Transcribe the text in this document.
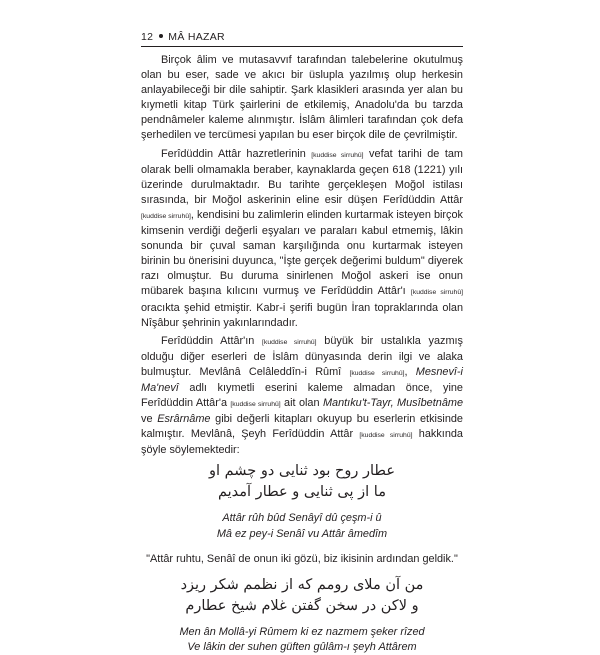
12 MÂ HAZAR

Birçok âlim ve mutasavvıf tarafından talebelerine okutulmuş olan bu eser, sade ve akıcı bir üslupla yazılmış olup herkesin anlayabileceği bir dile sahiptir. Şark klasikleri arasında yer alan bu kıymetli kitap Türk şairlerini de etkilemiş, Anadolu'da bu tarzda pendnâmeler kaleme alınmıştır. İslâm âlimleri tarafından çok defa şerhedilen ve tercümesi yapılan bu eser birçok dile de çevrilmiştir.

Ferîdüddin Attâr hazretlerinin [kuddise sirruhû] vefat tarihi de tam olarak belli olmamakla beraber, kaynaklarda geçen 618 (1221) yılı üzerinde durulmaktadır. Bu tarihte gerçekleşen Moğol istilası sırasında, bir Moğol askerinin eline esir düşen Ferîdüddin Attâr [kuddise sirruhû], kendisini bu zalimlerin elinden kurtarmak isteyen birçok kimsenin verdiği değerli eşyaları ve paraları kabul etmemiş, lâkin sonunda bir çuval saman karşılığında onu kurtarmak isteyen birinin bu önerisini duyunca, "İşte gerçek değerimi buldum" diyerek razı olmuştur. Bu duruma sinirlenen Moğol askeri ise onun mübarek başına kılıcını vurmuş ve Ferîdüddin Attâr'ı [kuddise sirruhû] oracıkta şehid etmiştir. Kabr-i şerifi bugün İran topraklarında olan Nîşâbur şehrinin yakınlarındadır.

Ferîdüddin Attâr'ın [kuddise sirruhû] büyük bir ustalıkla yazmış olduğu diğer eserleri de İslâm dünyasında derin ilgi ve alaka bulmuştur. Mevlânâ Celâleddîn-i Rûmî [kuddise sirruhû], Mesnevî-i Ma'nevî adlı kıymetli eserini kaleme almadan önce, yine Ferîdüddin Attâr'a [kuddise sirruhû] ait olan Mantıku't-Tayr, Musîbetnâme ve Esrârnâme gibi değerli kitapları okuyup bu eserlerin etkisinde kalmıştır. Mevlânâ, Şeyh Ferîdüddin Attâr [kuddise sirruhû] hakkında şöyle söylemektedir:

عطار روح بود ثنايى دو چشم او

ما از پى ثنايى و عطار آمديم

Attâr rûh bûd Senâyî dû çeşm-i û

Mâ ez pey-i Senâî vu Attâr âmedîm

"Attâr ruhtu, Senâî de onun iki gözü, biz ikisinin ardından geldik."

من آن ملاى رومم كه از نظمم شكر ريزد

و لاكن در سخن گفتن غلام شيخ عطارم

Men ân Mollâ-yi Rûmem ki ez nazmem şeker rîzed

Ve lâkin der suhen güften gûlâm-ı şeyh Attârem
